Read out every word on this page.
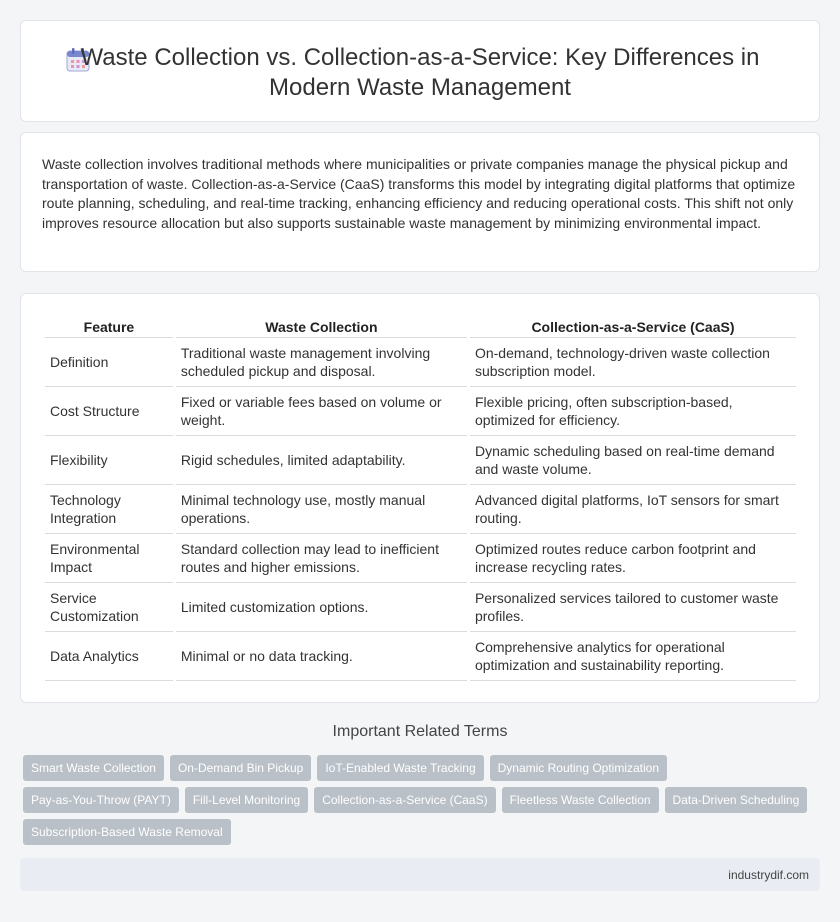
Waste Collection vs. Collection-as-a-Service: Key Differences in Modern Waste Management

Waste collection involves traditional methods where municipalities or private companies manage the physical pickup and transportation of waste. Collection-as-a-Service (CaaS) transforms this model by integrating digital platforms that optimize route planning, scheduling, and real-time tracking, enhancing efficiency and reducing operational costs. This shift not only improves resource allocation but also supports sustainable waste management by minimizing environmental impact.

Feature	Waste Collection	Collection-as-a-Service (CaaS)
Definition	Traditional waste management involving scheduled pickup and disposal.	On-demand, technology-driven waste collection subscription model.
Cost Structure	Fixed or variable fees based on volume or weight.	Flexible pricing, often subscription-based, optimized for efficiency.
Flexibility	Rigid schedules, limited adaptability.	Dynamic scheduling based on real-time demand and waste volume.
Technology Integration	Minimal technology use, mostly manual operations.	Advanced digital platforms, IoT sensors for smart routing.
Environmental Impact	Standard collection may lead to inefficient routes and higher emissions.	Optimized routes reduce carbon footprint and increase recycling rates.
Service Customization	Limited customization options.	Personalized services tailored to customer waste profiles.
Data Analytics	Minimal or no data tracking.	Comprehensive analytics for operational optimization and sustainability reporting.
Important Related Terms
Smart Waste Collection	On-Demand Bin Pickup	IoT-Enabled Waste Tracking	Dynamic Routing Optimization
Pay-as-You-Throw (PAYT)	Fill-Level Monitoring	Collection-as-a-Service (CaaS)	Fleetless Waste Collection	Data-Driven Scheduling
Subscription-Based Waste Removal
industrydif.com
